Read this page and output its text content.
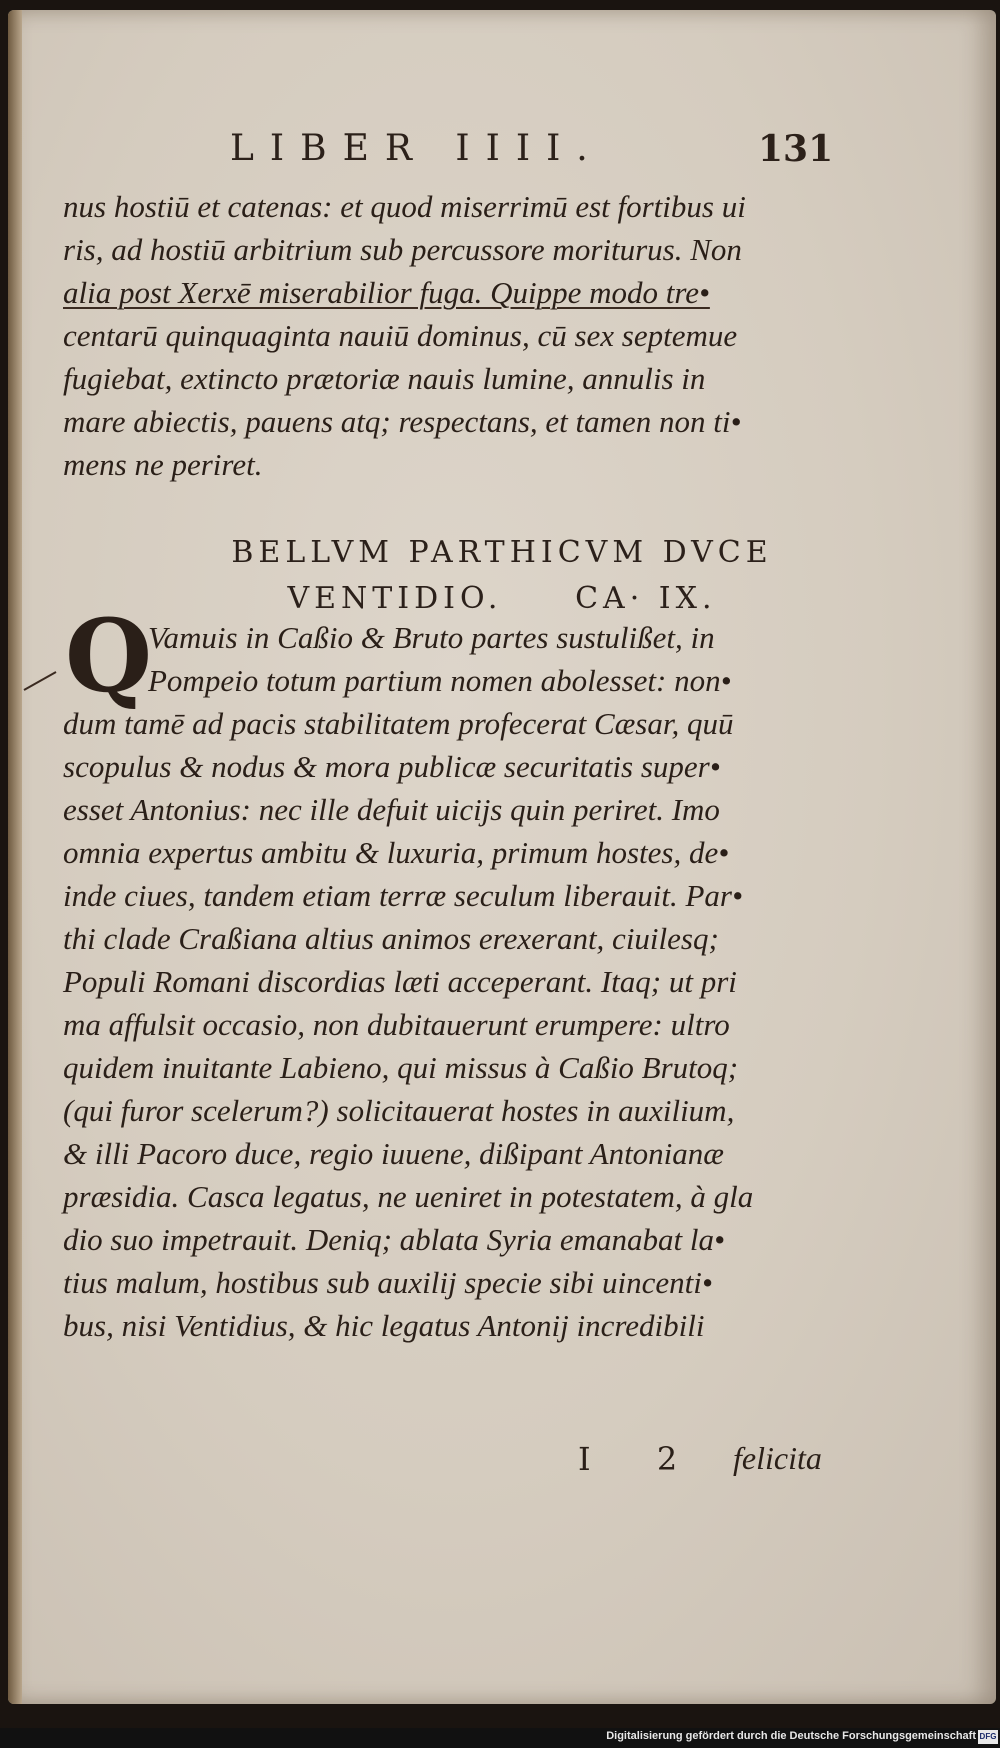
LIBER IIII.	131
nus hostiū et catenas: et quod miserrimū est fortibus ui
ris, ad hostiū arbitrium sub percussore moriturus. Non
alia post Xerxē miserabilior fuga. Quippe modo tre•
centarū quinquaginta nauiū dominus, cū sex septemue
fugiebat, extincto prætoriæ nauis lumine, annulis in
mare abiectis, pauens atq; respectans, et tamen non ti•
mens ne periret.
BELLVM PARTHICVM DVCE
VENTIDIO.     CA· IX.
Q
Vamuis in Caßio & Bruto partes sustulißet, in
Pompeio totum partium nomen abolesset: non•
dum tamē ad pacis stabilitatem profecerat Cæsar, quū
scopulus & nodus & mora publicæ securitatis super•
esset Antonius: nec ille defuit uicijs quin periret. Imo
omnia expertus ambitu & luxuria, primum hostes, de•
inde ciues, tandem etiam terræ seculum liberauit. Par•
thi clade Craßiana altius animos erexerant, ciuilesq;
Populi Romani discordias læti acceperant. Itaq; ut pri
ma affulsit occasio, non dubitauerunt erumpere: ultro
quidem inuitante Labieno, qui missus à Caßio Brutoq;
(qui furor scelerum?) solicitauerat hostes in auxilium,
& illi Pacoro duce, regio iuuene, dißipant Antonianæ
præsidia. Casca legatus, ne ueniret in potestatem, à gla
dio suo impetrauit. Deniq; ablata Syria emanabat la•
tius malum, hostibus sub auxilij specie sibi uincenti•
bus, nisi Ventidius, & hic legatus Antonij incredibili
I 2 felicita
Digitalisierung gefördert durch die Deutsche Forschungsgemeinschaft DFG
